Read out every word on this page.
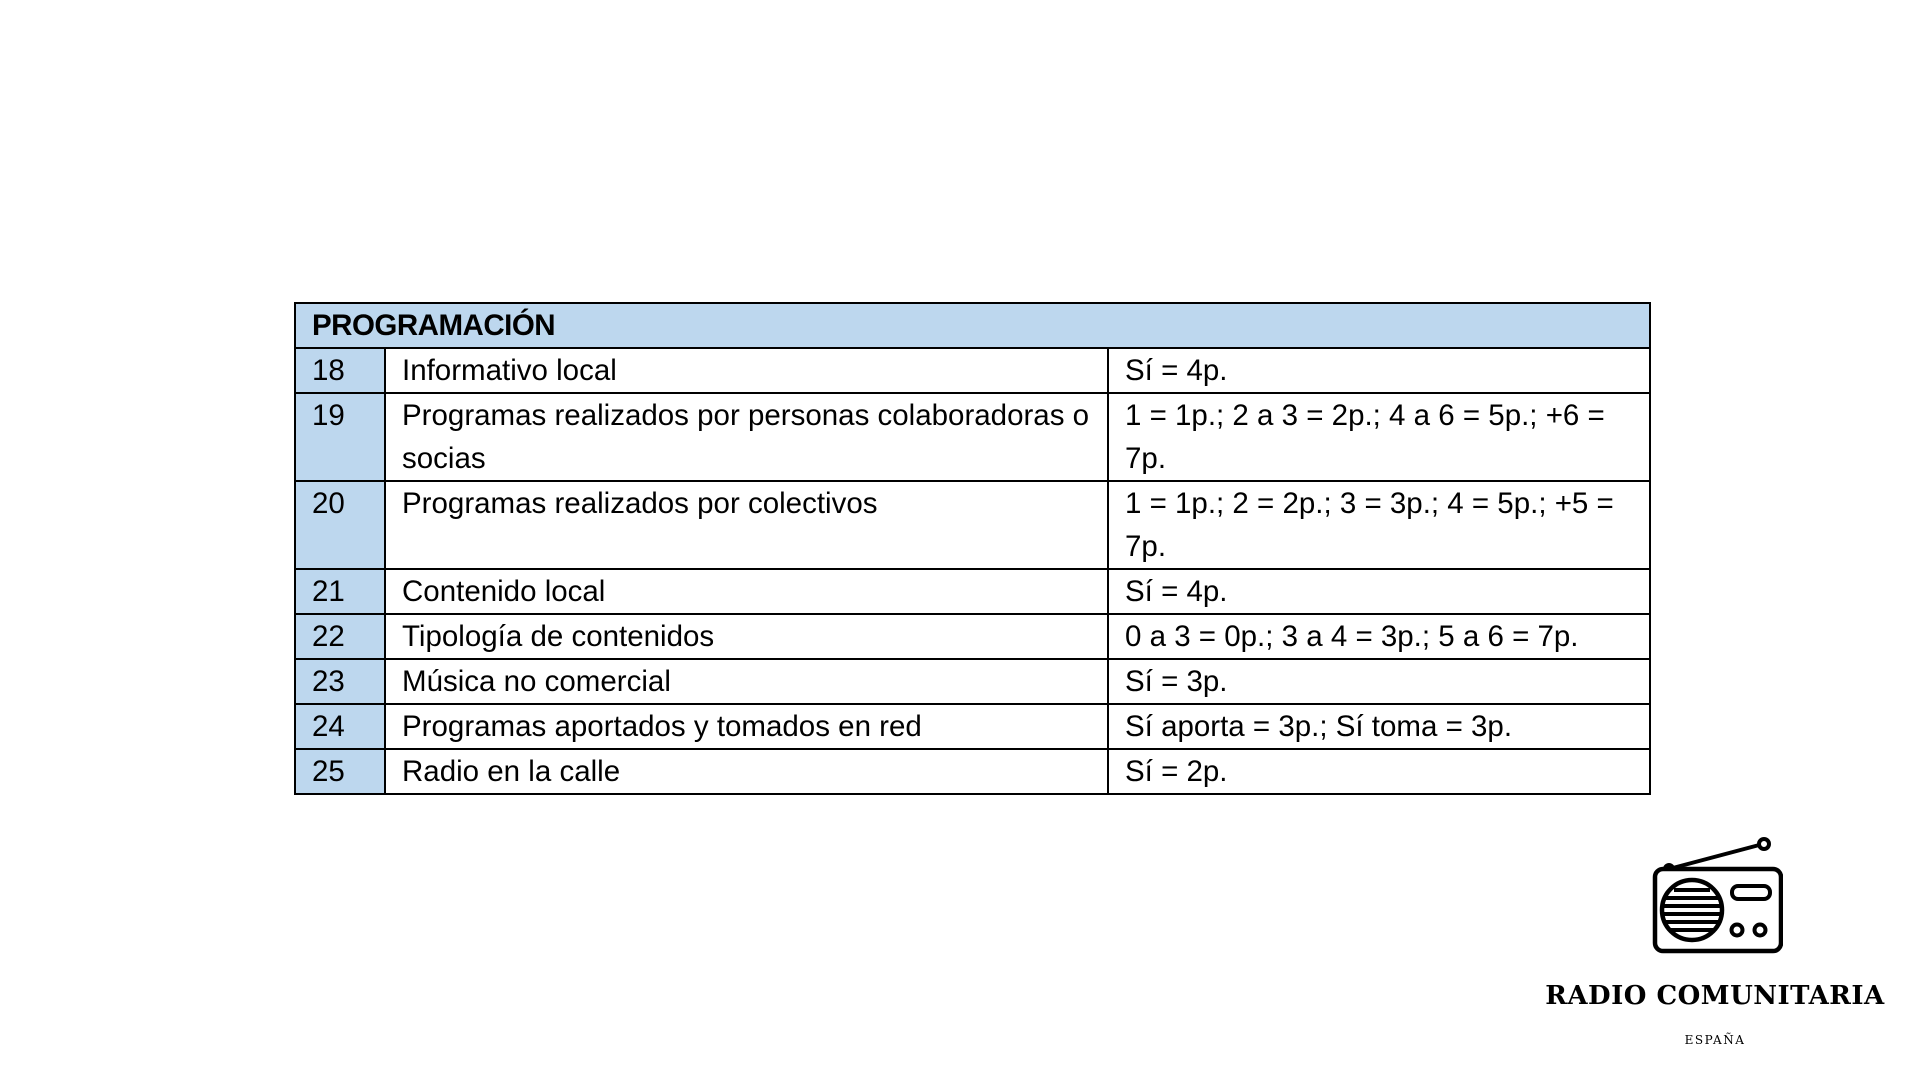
PROGRAMACIÓN		
18	Informativo local	Sí = 4p.
19	Programas realizados por personas colaboradoras o socias	1 = 1p.; 2 a 3 = 2p.; 4 a 6 = 5p.; +6 = 7p.
20	Programas realizados por colectivos	1 = 1p.; 2 = 2p.; 3 = 3p.; 4 = 5p.; +5 = 7p.
21	Contenido local	Sí = 4p.
22	Tipología de contenidos	0 a 3 = 0p.; 3 a 4 = 3p.; 5 a 6 = 7p.
23	Música no comercial	Sí = 3p.
24	Programas aportados y tomados en red	Sí aporta = 3p.; Sí toma = 3p.
25	Radio en la calle	Sí = 2p.
RADIO COMUNITARIA
ESPAÑA
